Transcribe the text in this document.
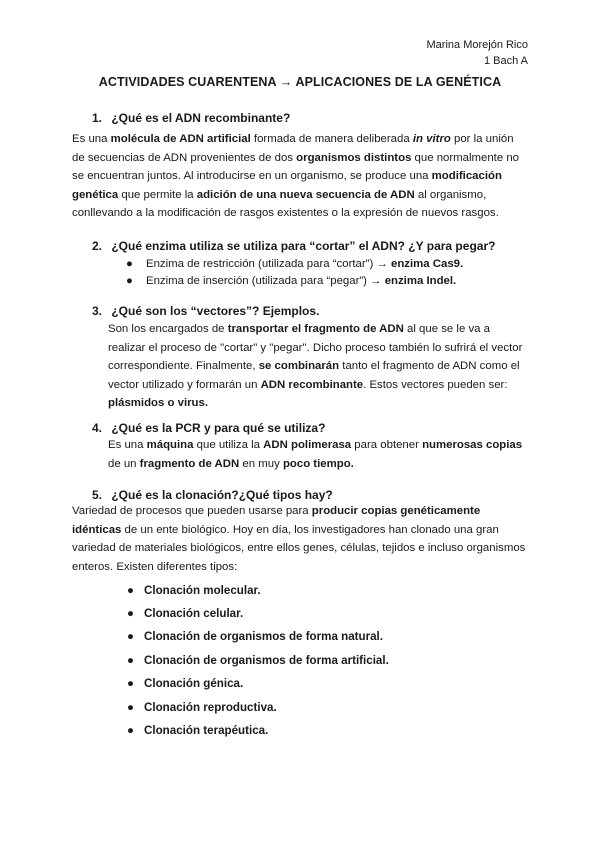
Marina Morejón Rico
1 Bach A
ACTIVIDADES CUARENTENA → APLICACIONES DE LA GENÉTICA
1. ¿Qué es el ADN recombinante?

Es una molécula de ADN artificial formada de manera deliberada in vitro por la unión de secuencias de ADN provenientes de dos organismos distintos que normalmente no se encuentran juntos. Al introducirse en un organismo, se produce una modificación genética que permite la adición de una nueva secuencia de ADN al organismo, conllevando a la modificación de rasgos existentes o la expresión de nuevos rasgos.

2. ¿Qué enzima utiliza se utiliza para “cortar” el ADN? ¿Y para pegar?
● Enzima de restricción (utilizada para “cortar”) → enzima Cas9.
● Enzima de inserción (utilizada para “pegar”) → enzima Indel.
3. ¿Qué son los “vectores”? Ejemplos.

Son los encargados de transportar el fragmento de ADN al que se le va a realizar el proceso de "cortar" y "pegar". Dicho proceso también lo sufrirá el vector correspondiente. Finalmente, se combinarán tanto el fragmento de ADN como el vector utilizado y formarán un ADN recombinante. Estos vectores pueden ser: plásmidos o virus.

4. ¿Qué es la PCR y para qué se utiliza?

Es una máquina que utiliza la ADN polimerasa para obtener numerosas copias de un fragmento de ADN en muy poco tiempo.

5. ¿Qué es la clonación?¿Qué tipos hay?

Variedad de procesos que pueden usarse para producir copias genéticamente idénticas de un ente biológico. Hoy en día, los investigadores han clonado una gran variedad de materiales biológicos, entre ellos genes, células, tejidos e incluso organismos enteros. Existen diferentes tipos:

● Clonación molecular.
● Clonación celular.
● Clonación de organismos de forma natural.
● Clonación de organismos de forma artificial.
● Clonación génica.
● Clonación reproductiva.
● Clonación terapéutica.
